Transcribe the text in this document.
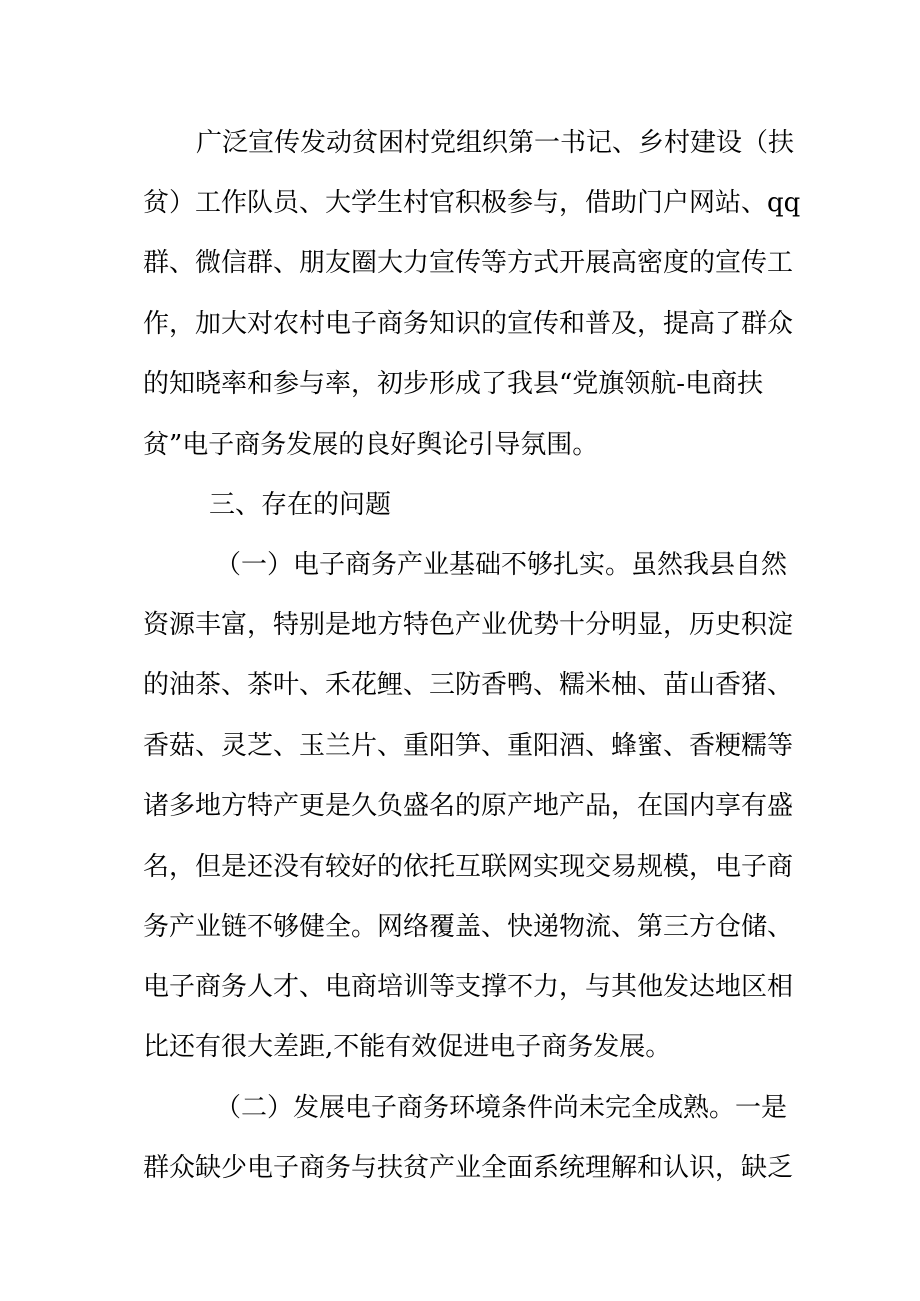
广泛宣传发动贫困村党组织第一书记、乡村建设（扶
贫）工作队员、大学生村官积极参与，借助门户网站、qq
群、微信群、朋友圈大力宣传等方式开展高密度的宣传工
作，加大对农村电子商务知识的宣传和普及，提高了群众
的知晓率和参与率，初步形成了我县“党旗领航-电商扶
贫”电子商务发展的良好舆论引导氛围。
三、存在的问题
（一）电子商务产业基础不够扎实。虽然我县自然
资源丰富，特别是地方特色产业优势十分明显，历史积淀
的油茶、茶叶、禾花鲤、三防香鸭、糯米柚、苗山香猪、
香菇、灵芝、玉兰片、重阳笋、重阳酒、蜂蜜、香粳糯等
诸多地方特产更是久负盛名的原产地产品，在国内享有盛
名，但是还没有较好的依托互联网实现交易规模，电子商
务产业链不够健全。网络覆盖、快递物流、第三方仓储、
电子商务人才、电商培训等支撑不力，与其他发达地区相
比还有很大差距,不能有效促进电子商务发展。
（二）发展电子商务环境条件尚未完全成熟。一是
群众缺少电子商务与扶贫产业全面系统理解和认识，缺乏
